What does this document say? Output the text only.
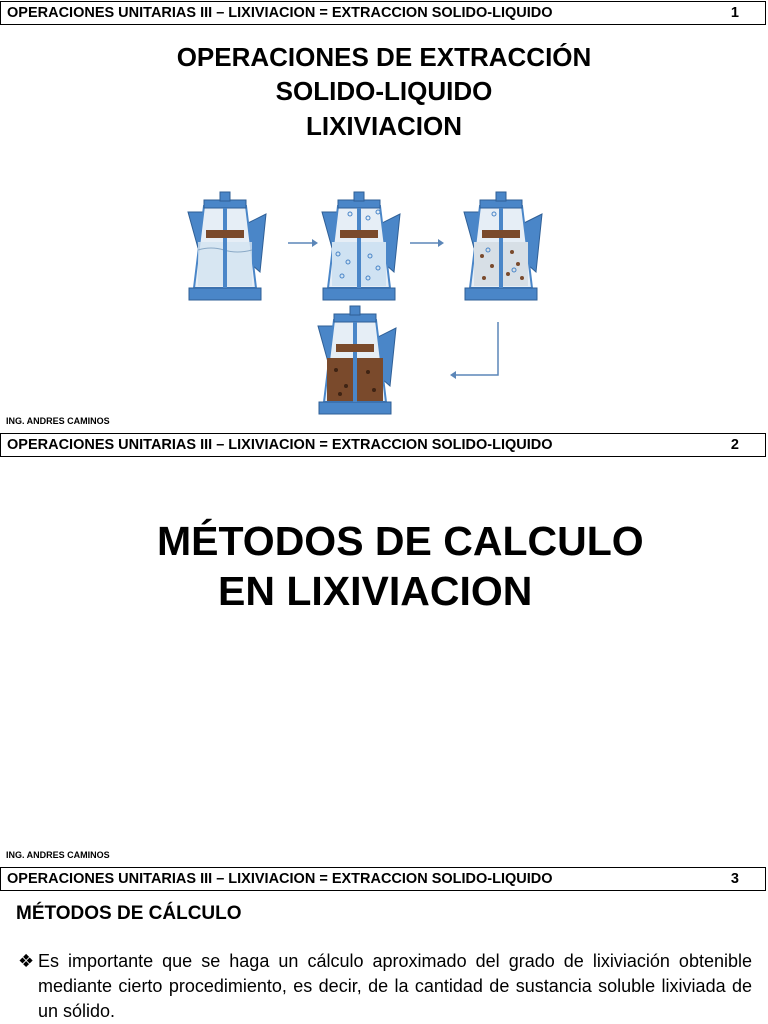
OPERACIONES UNITARIAS III – LIXIVIACION = EXTRACCION SOLIDO-LIQUIDO	1
OPERACIONES DE EXTRACCIÓN
SOLIDO-LIQUIDO
LIXIVIACION
ING. ANDRES CAMINOS
OPERACIONES UNITARIAS III – LIXIVIACION = EXTRACCION SOLIDO-LIQUIDO	2
MÉTODOS DE CALCULO
EN LIXIVIACION
ING. ANDRES CAMINOS
OPERACIONES UNITARIAS III – LIXIVIACION = EXTRACCION SOLIDO-LIQUIDO	3
MÉTODOS DE CÁLCULO
❖ Es importante que se haga un cálculo aproximado del grado de lixiviación obtenible mediante cierto procedimiento, es decir, de la cantidad de sustancia soluble lixiviada de un sólido.
